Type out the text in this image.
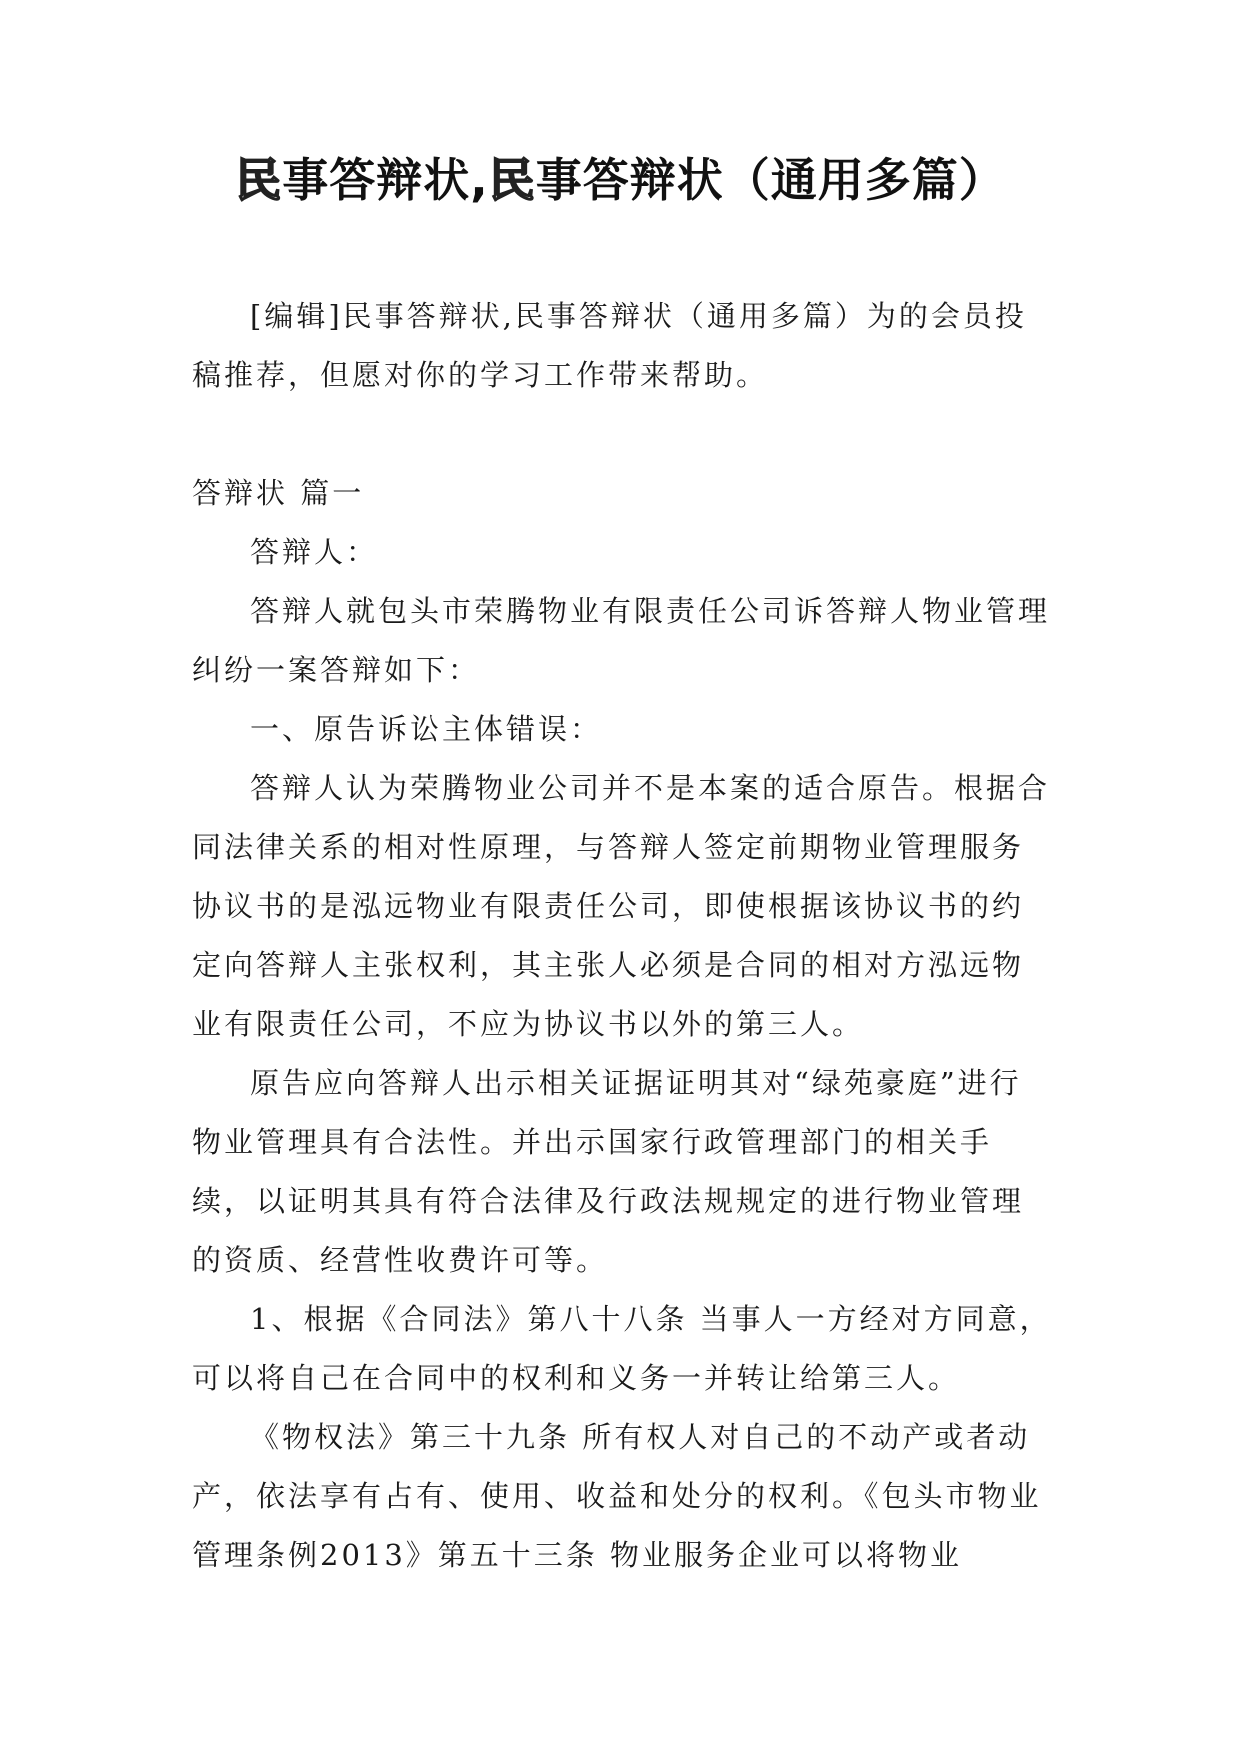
民事答辩状,民事答辩状（通用多篇）

[编辑]民事答辩状,民事答辩状（通用多篇）为的会员投稿推荐，但愿对你的学习工作带来帮助。

答辩状 篇一

答辩人：

答辩人就包头市荣腾物业有限责任公司诉答辩人物业管理纠纷一案答辩如下：

一、原告诉讼主体错误：

答辩人认为荣腾物业公司并不是本案的适合原告。根据合同法律关系的相对性原理，与答辩人签定前期物业管理服务协议书的是泓远物业有限责任公司，即使根据该协议书的约定向答辩人主张权利，其主张人必须是合同的相对方泓远物业有限责任公司，不应为协议书以外的第三人。

原告应向答辩人出示相关证据证明其对“绿苑豪庭”进行物业管理具有合法性。并出示国家行政管理部门的相关手续，以证明其具有符合法律及行政法规规定的进行物业管理的资质、经营性收费许可等。

1、根据《合同法》第八十八条 当事人一方经对方同意，可以将自己在合同中的权利和义务一并转让给第三人。

《物权法》第三十九条 所有权人对自己的不动产或者动产，依法享有占有、使用、收益和处分的权利。《包头市物业管理条例2013》第五十三条 物业服务企业可以将物业
